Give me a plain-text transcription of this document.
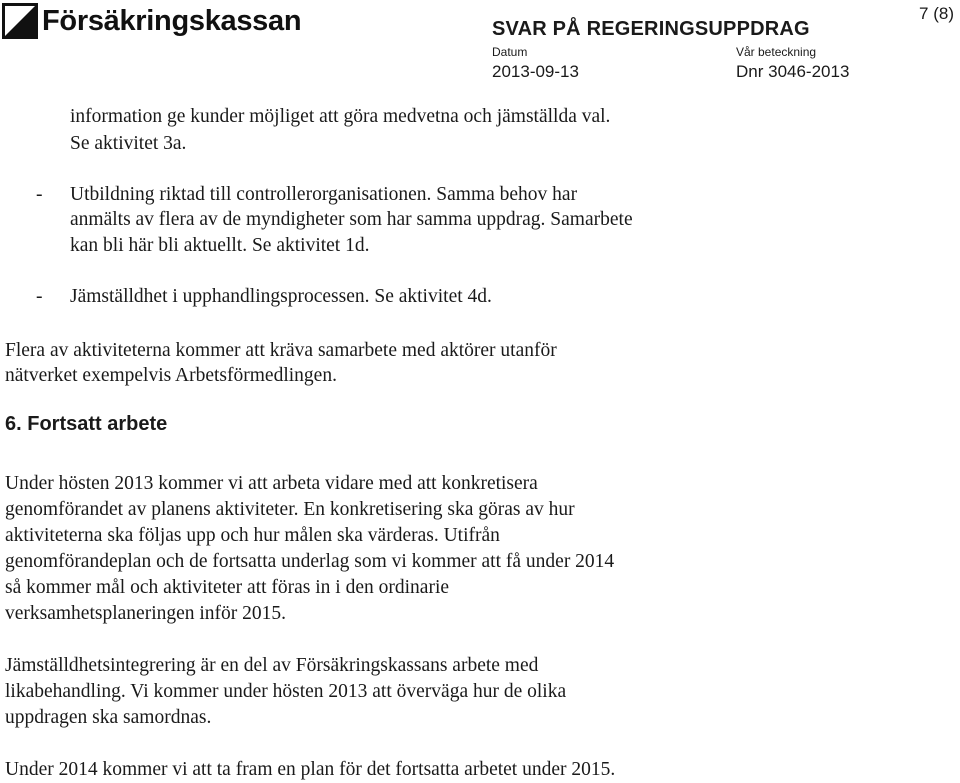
Försäkringskassan	SVAR PÅ REGERINGSUPPDRAG
Datum	Vår beteckning
2013-09-13	Dnr 3046-2013
7 (8)
information ge kunder möjliget att göra medvetna och jämställda val.
Se aktivitet 3a.
- Utbildning riktad till controllerorganisationen. Samma behov har
anmälts av flera av de myndigheter som har samma uppdrag. Samarbete
kan bli här bli aktuellt. Se aktivitet 1d.
- Jämställdhet i upphandlingsprocessen. Se aktivitet 4d.
Flera av aktiviteterna kommer att kräva samarbete med aktörer utanför
nätverket exempelvis Arbetsförmedlingen.
6. Fortsatt arbete
Under hösten 2013 kommer vi att arbeta vidare med att konkretisera
genomförandet av planens aktiviteter. En konkretisering ska göras av hur
aktiviteterna ska följas upp och hur målen ska värderas. Utifrån
genomförandeplan och de fortsatta underlag som vi kommer att få under 2014
så kommer mål och aktiviteter att föras in i den ordinarie
verksamhetsplaneringen inför 2015.
Jämställdhetsintegrering är en del av Försäkringskassans arbete med
likabehandling. Vi kommer under hösten 2013 att överväga hur de olika
uppdragen ska samordnas.
Under 2014 kommer vi att ta fram en plan för det fortsatta arbetet under 2015.
